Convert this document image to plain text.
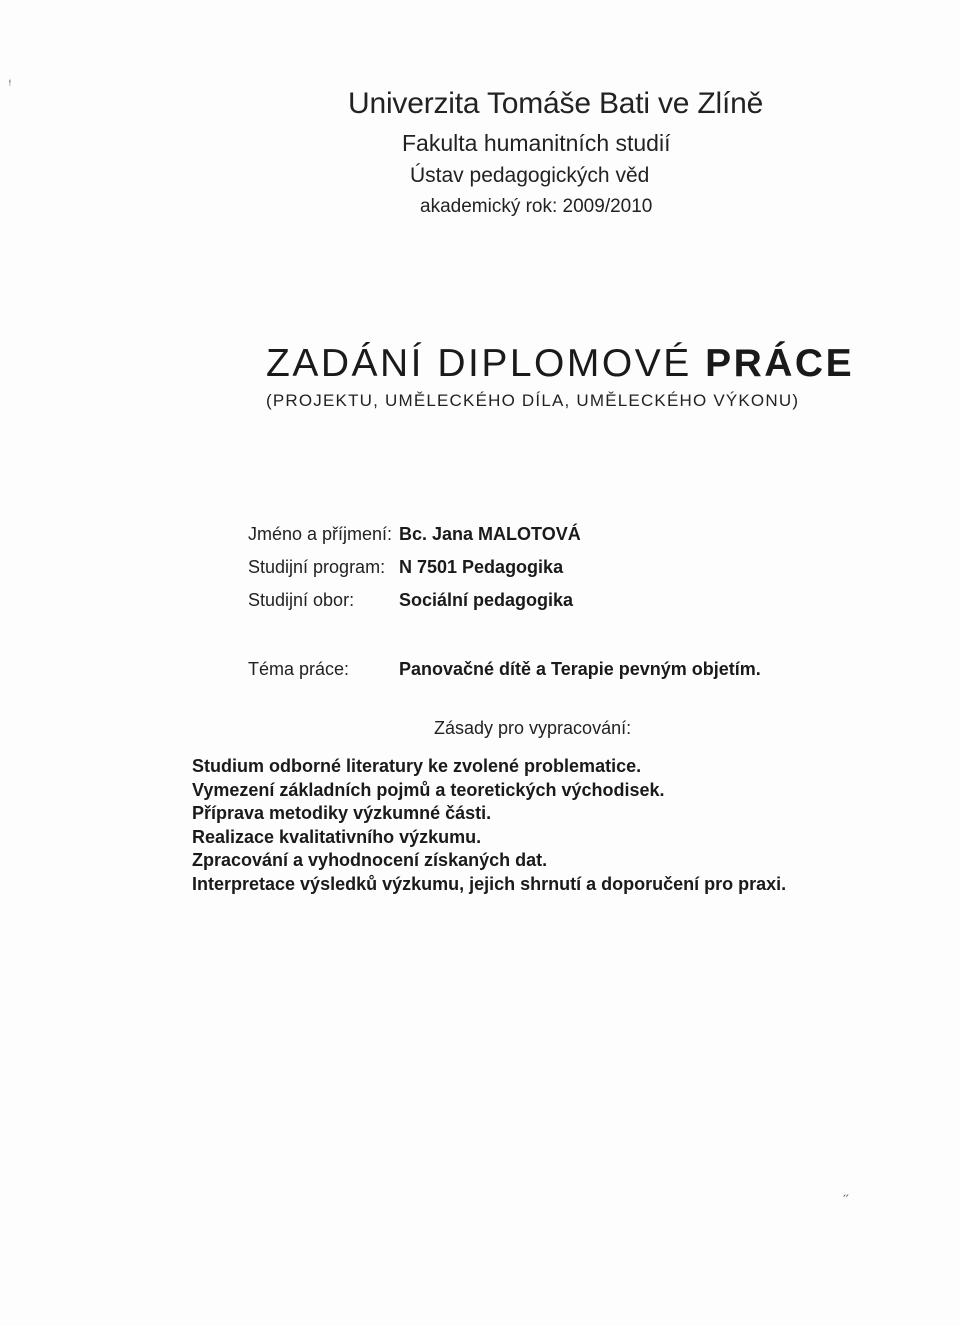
ꜝ
״
Univerzita Tomáše Bati ve Zlíně
Fakulta humanitních studií
Ústav pedagogických věd
akademický rok: 2009/2010
ZADÁNÍ DIPLOMOVÉ PRÁCE
(PROJEKTU, UMĚLECKÉHO DÍLA, UMĚLECKÉHO VÝKONU)
Jméno a příjmení: Bc. Jana MALOTOVÁ
Studijní program: N 7501 Pedagogika
Studijní obor: Sociální pedagogika
Téma práce:	Panovačné dítě a Terapie pevným objetím.
Zásady pro vypracování:
Studium odborné literatury ke zvolené problematice.
Vymezení základních pojmů a teoretických východisek.
Příprava metodiky výzkumné části.
Realizace kvalitativního výzkumu.
Zpracování a vyhodnocení získaných dat.
Interpretace výsledků výzkumu, jejich shrnutí a doporučení pro praxi.
